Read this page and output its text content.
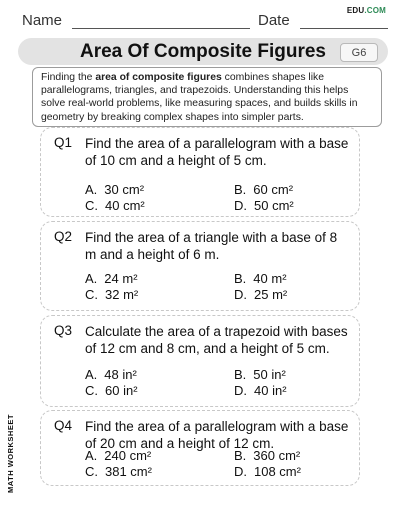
Name	Date
EDU.COM
Area Of Composite Figures	G6
Finding the area of composite figures combines shapes like parallelograms, triangles, and trapezoids. Understanding this helps solve real-world problems, like measuring spaces, and builds skills in geometry by breaking complex shapes into simpler parts.
Q1 Find the area of a parallelogram with a base of 10 cm and a height of 5 cm.
A. 30 cm²	B. 60 cm²
C. 40 cm²	D. 50 cm²
Q2 Find the area of a triangle with a base of 8 m and a height of 6 m.
A. 24 m²	B. 40 m²
C. 32 m²	D. 25 m²
Q3 Calculate the area of a trapezoid with bases of 12 cm and 8 cm, and a height of 5 cm.
A. 48 in²	B. 50 in²
C. 60 in²	D. 40 in²
Q4 Find the area of a parallelogram with a base of 20 cm and a height of 12 cm.
A. 240 cm²	B. 360 cm²
C. 381 cm²	D. 108 cm²
MATH WORKSHEET
